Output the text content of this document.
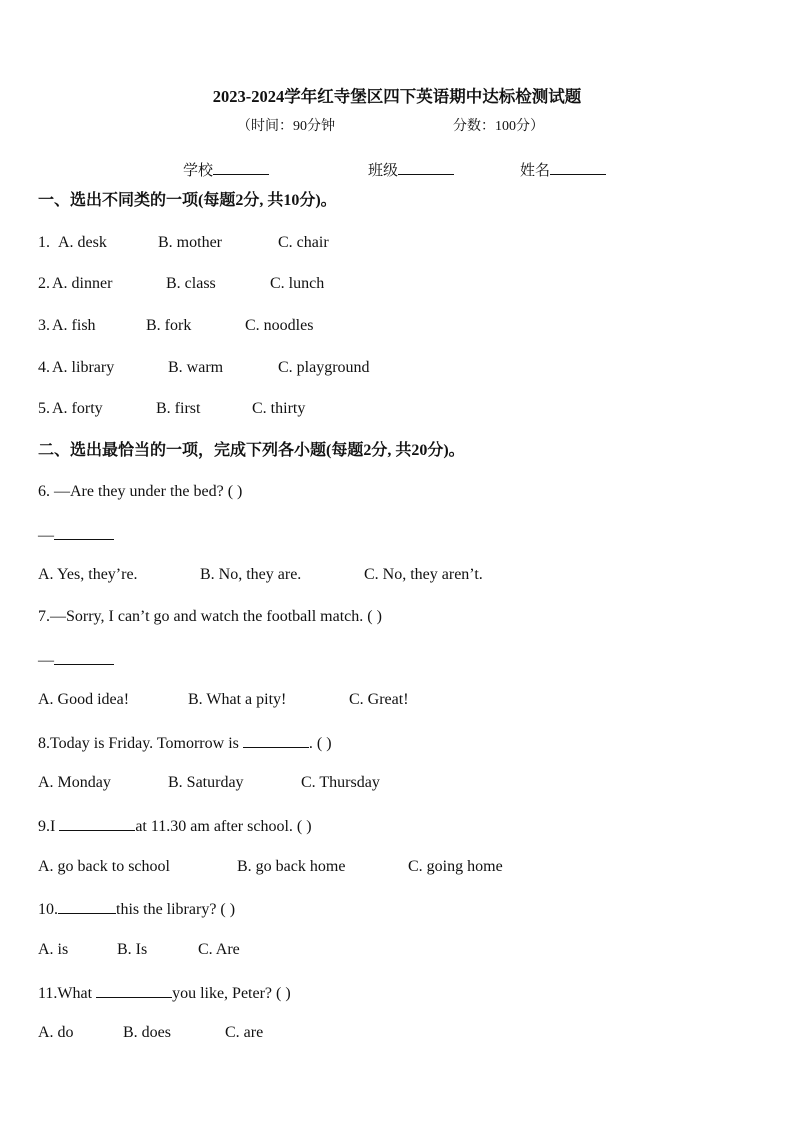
2023-2024学年红寺堡区四下英语期中达标检测试题
（时间：90分钟	分数：100分）
学校	班级	姓名
一、选出不同类的一项(每题2分, 共10分)。
1. A. desk	B. mother	C. chair
2. A. dinner	B. class	C. lunch
3. A. fish	B. fork	C. noodles
4. A. library	B. warm	C. playground
5. A. forty	B. first	C. thirty
二、选出最恰当的一项，完成下列各小题(每题2分, 共20分)。
6. —Are they under the bed? ( )
—
A. Yes, they’re.	B. No, they are.	C. No, they aren’t.
7.—Sorry, I can’t go and watch the football match. ( )
—
A. Good idea!	B. What a pity!	C. Great!
8.Today is Friday. Tomorrow is	. ( )
A. Monday	B. Saturday	C. Thursday
9.I	at 11.30 am after school. ( )
A. go back to school	B. go back home	C. going home
10.	this the library? ( )
A. is	B. Is	C. Are
11.What	you like, Peter? ( )
A. do	B. does	C. are
